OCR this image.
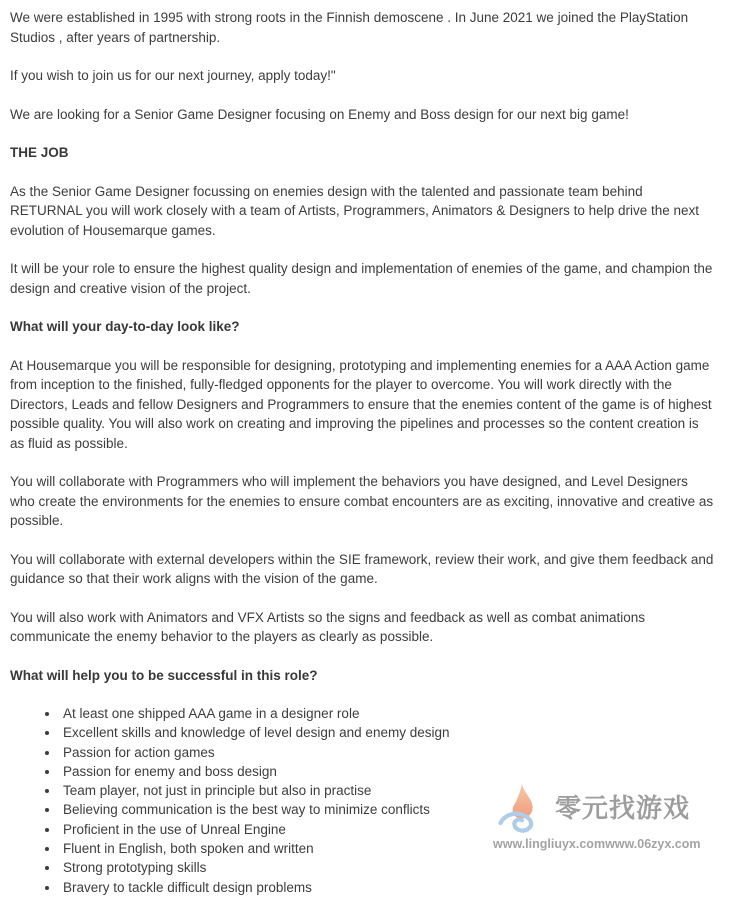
We were established in 1995 with strong roots in the Finnish demoscene . In June 2021 we joined the PlayStation Studios , after years of partnership.

If you wish to join us for our next journey, apply today!"

We are looking for a Senior Game Designer focusing on Enemy and Boss design for our next big game!

THE JOB

As the Senior Game Designer focussing on enemies design with the talented and passionate team behind RETURNAL you will work closely with a team of Artists, Programmers, Animators & Designers to help drive the next evolution of Housemarque games.

It will be your role to ensure the highest quality design and implementation of enemies of the game, and champion the design and creative vision of the project.

What will your day-to-day look like?

At Housemarque you will be responsible for designing, prototyping and implementing enemies for a AAA Action game from inception to the finished, fully-fledged opponents for the player to overcome. You will work directly with the Directors, Leads and fellow Designers and Programmers to ensure that the enemies content of the game is of highest possible quality. You will also work on creating and improving the pipelines and processes so the content creation is as fluid as possible.

You will collaborate with Programmers who will implement the behaviors you have designed, and Level Designers who create the environments for the enemies to ensure combat encounters are as exciting, innovative and creative as possible.

You will collaborate with external developers within the SIE framework, review their work, and give them feedback and guidance so that their work aligns with the vision of the game.

You will also work with Animators and VFX Artists so the signs and feedback as well as combat animations communicate the enemy behavior to the players as clearly as possible.

What will help you to be successful in this role?

• At least one shipped AAA game in a designer role
• Excellent skills and knowledge of level design and enemy design
• Passion for action games
• Passion for enemy and boss design
• Team player, not just in principle but also in practise
• Believing communication is the best way to minimize conflicts
• Proficient in the use of Unreal Engine
• Fluent in English, both spoken and written
• Strong prototyping skills
• Bravery to tackle difficult design problems
零元找游戏
www.lingliuyx.com www.06zyx.com
